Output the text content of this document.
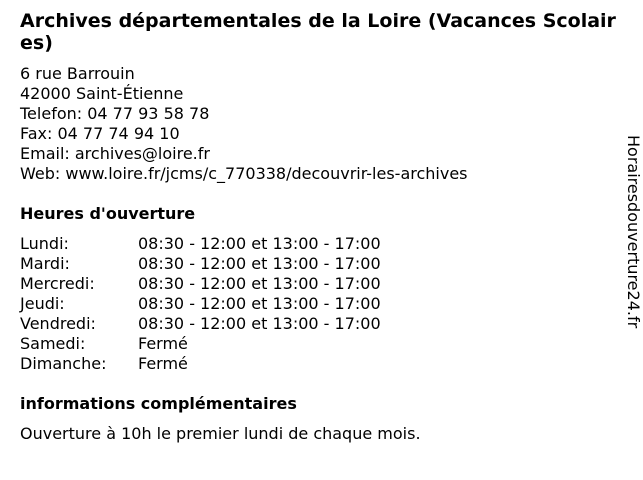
Archives départementales de la Loire (Vacances Scolaires)
6 rue Barrouin
42000 Saint-Étienne
Telefon: 04 77 93 58 78
Fax: 04 77 74 94 10
Email: archives@loire.fr
Web: www.loire.fr/jcms/c_770338/decouvrir-les-archives
Heures d'ouverture
Lundi:	08:30 - 12:00 et 13:00 - 17:00
Mardi:	08:30 - 12:00 et 13:00 - 17:00
Mercredi:	08:30 - 12:00 et 13:00 - 17:00
Jeudi:	08:30 - 12:00 et 13:00 - 17:00
Vendredi:	08:30 - 12:00 et 13:00 - 17:00
Samedi:	Fermé
Dimanche: Fermé
informations complémentaires
Ouverture à 10h le premier lundi de chaque mois.
Horairesdouverture24.fr
